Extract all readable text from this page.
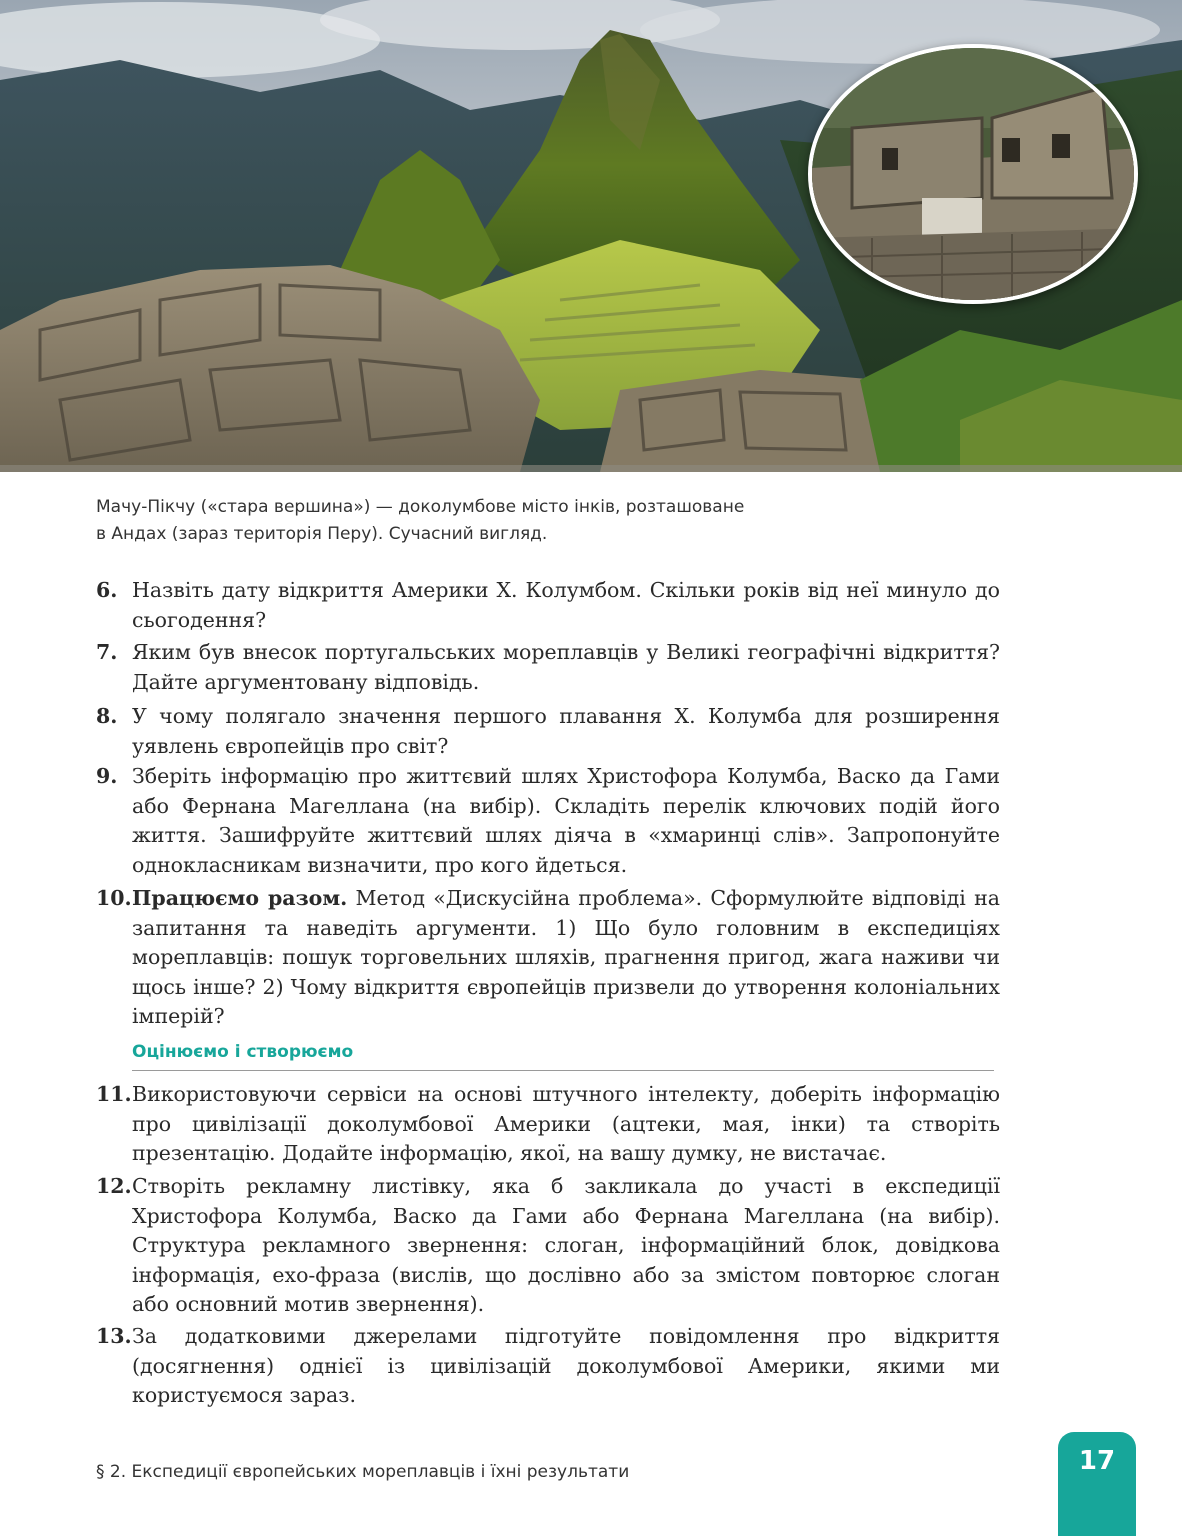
Мачу-Пікчу («стара вершина») — доколумбове місто інків, розташоване
в Андах (зараз територія Перу). Сучасний вигляд.
6. Назвіть дату відкриття Америки Х. Колумбом. Скільки років від неї минуло до сьогодення?
7. Яким був внесок португальських мореплавців у Великі географічні відкриття? Дайте аргументовану відповідь.
8. У чому полягало значення першого плавання Х. Колумба для розширення уявлень європейців про світ?
9. Зберіть інформацію про життєвий шлях Христофора Колумба, Васко да Гами або Фернана Магеллана (на вибір). Складіть перелік ключових подій його життя. Зашифруйте життєвий шлях діяча в «хмаринці слів». Запропонуйте однокласникам визначити, про кого йдеться.
10. Працюємо разом. Метод «Дискусійна проблема». Сформулюйте відповіді на запитання та наведіть аргументи. 1) Що було головним в експедиціях мореплавців: пошук торговельних шляхів, прагнення пригод, жага наживи чи щось інше? 2) Чому відкриття європейців призвели до утворення колоніальних імперій?
Оцінюємо і створюємо
11. Використовуючи сервіси на основі штучного інтелекту, доберіть інформацію про цивілізації доколумбової Америки (ацтеки, мая, інки) та створіть презентацію. Додайте інформацію, якої, на вашу думку, не вистачає.
12. Створіть рекламну листівку, яка б закликала до участі в експедиції Христофора Колумба, Васко да Гами або Фернана Магеллана (на вибір). Структура рекламного звернення: слоган, інформаційний блок, довідкова інформація, ехо-фраза (вислів, що дослівно або за змістом повторює слоган або основний мотив звернення).
13. За додатковими джерелами підготуйте повідомлення про відкриття (досягнення) однієї із цивілізацій доколумбової Америки, якими ми користуємося зараз.
§ 2. Експедиції європейських мореплавців і їхні результати	17
